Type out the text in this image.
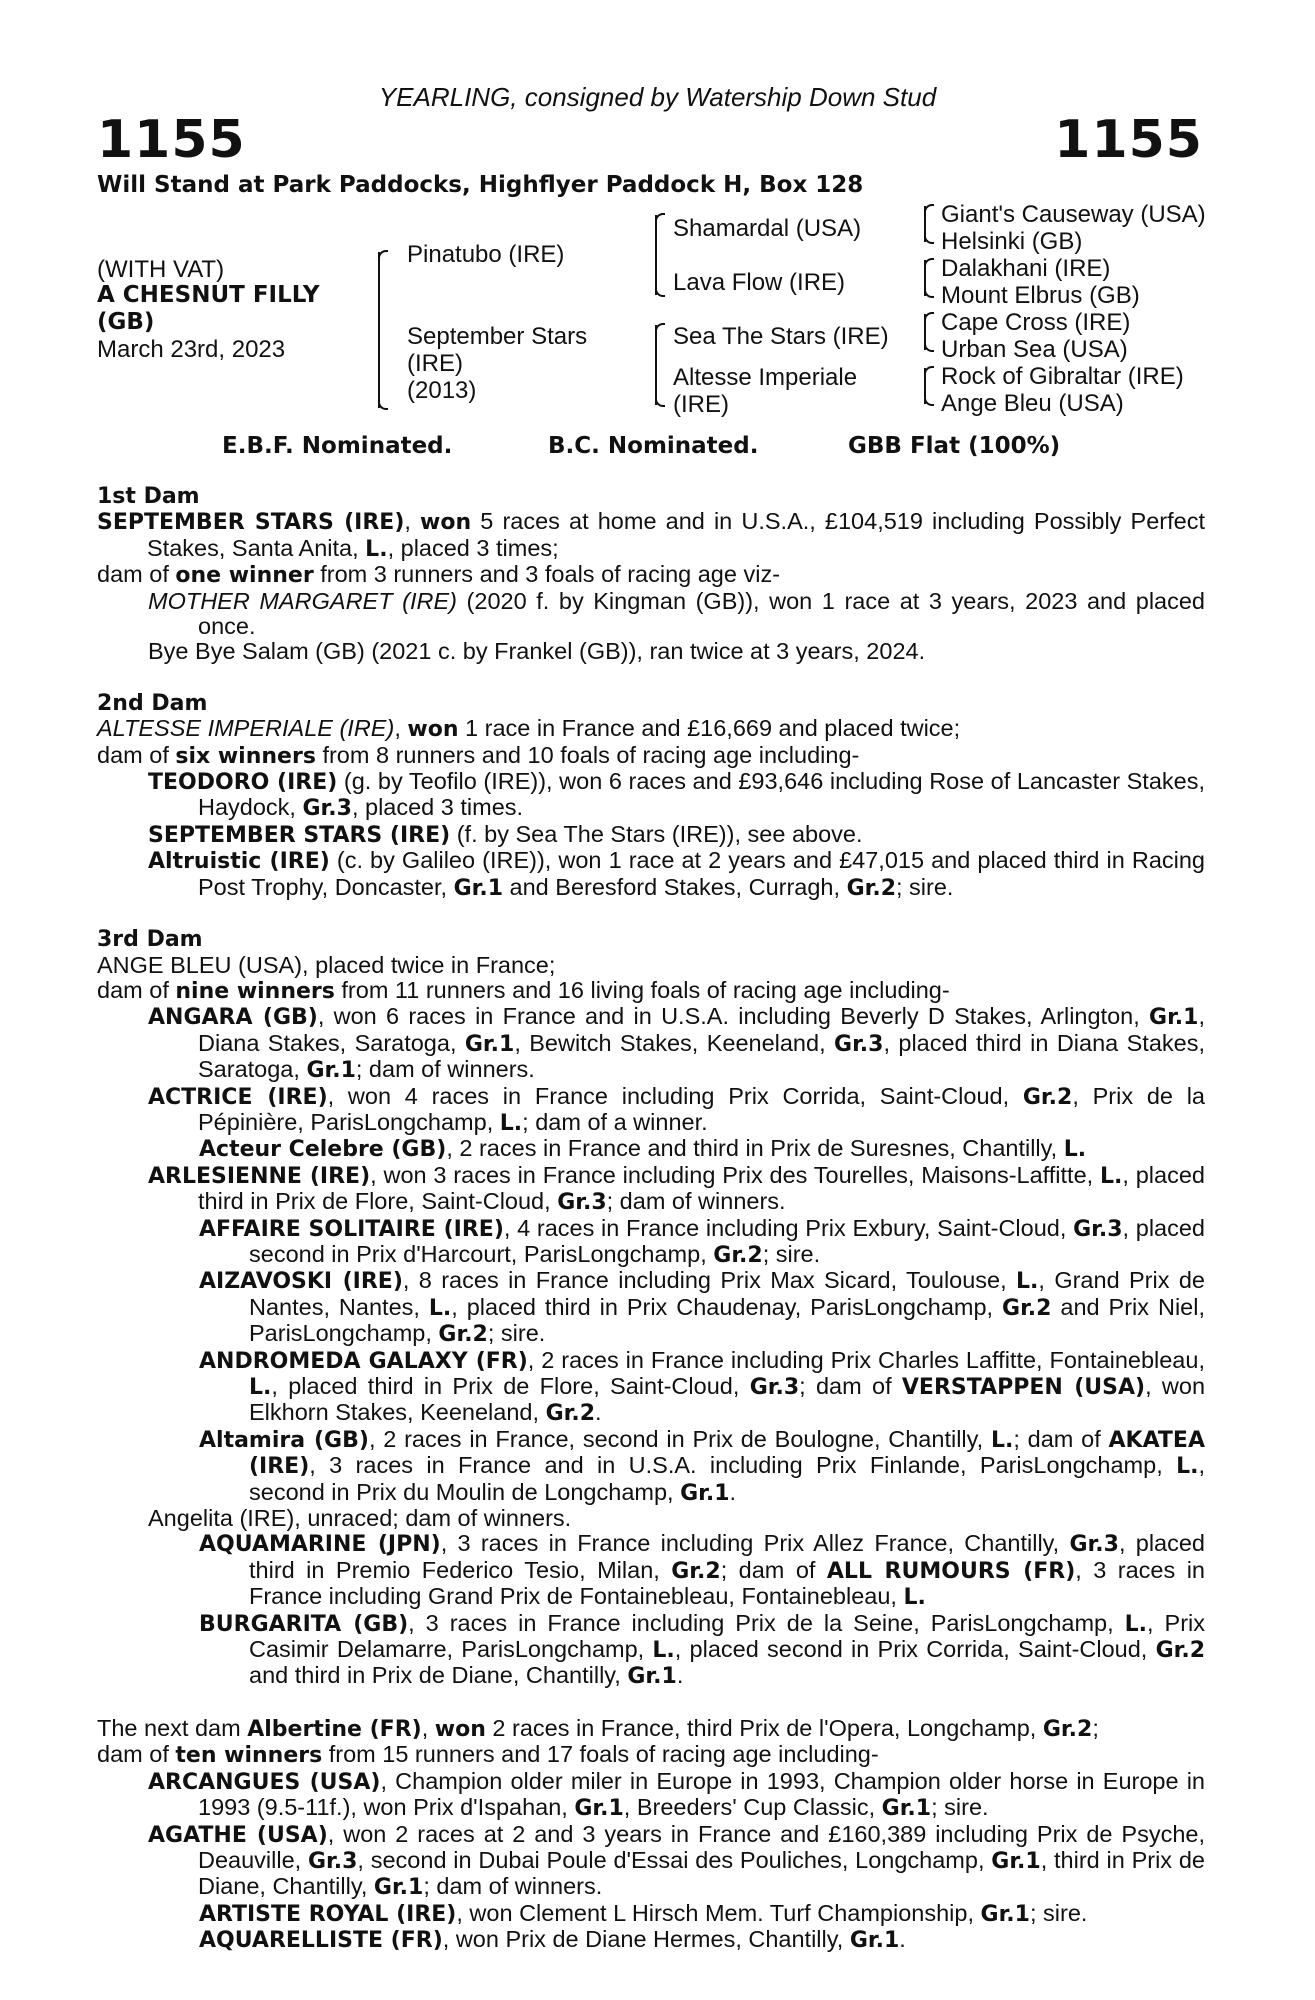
YEARLING, consigned by Watership Down Stud
1155	1155
Will Stand at Park Paddocks, Highflyer Paddock H, Box 128
(WITH VAT)
A CHESNUT FILLY
(GB)
March 23rd, 2023
Pinatubo (IRE)
September Stars
(IRE)
(2013)
Shamardal (USA)
Lava Flow (IRE)
Sea The Stars (IRE)
Altesse Imperiale
(IRE)
Giant's Causeway (USA)
Helsinki (GB)
Dalakhani (IRE)
Mount Elbrus (GB)
Cape Cross (IRE)
Urban Sea (USA)
Rock of Gibraltar (IRE)
Ange Bleu (USA)
E.B.F. Nominated.	B.C. Nominated.	GBB Flat (100%)
1st Dam

SEPTEMBER STARS (IRE), won 5 races at home and in U.S.A., £104,519 including Possibly Perfect Stakes, Santa Anita, L., placed 3 times;

dam of one winner from 3 runners and 3 foals of racing age viz-

MOTHER MARGARET (IRE) (2020 f. by Kingman (GB)), won 1 race at 3 years, 2023 and placed once.

Bye Bye Salam (GB) (2021 c. by Frankel (GB)), ran twice at 3 years, 2024.

2nd Dam

ALTESSE IMPERIALE (IRE), won 1 race in France and £16,669 and placed twice;

dam of six winners from 8 runners and 10 foals of racing age including-

TEODORO (IRE) (g. by Teofilo (IRE)), won 6 races and £93,646 including Rose of Lancaster Stakes, Haydock, Gr.3, placed 3 times.

SEPTEMBER STARS (IRE) (f. by Sea The Stars (IRE)), see above.

Altruistic (IRE) (c. by Galileo (IRE)), won 1 race at 2 years and £47,015 and placed third in Racing Post Trophy, Doncaster, Gr.1 and Beresford Stakes, Curragh, Gr.2; sire.

3rd Dam

ANGE BLEU (USA), placed twice in France;

dam of nine winners from 11 runners and 16 living foals of racing age including-

ANGARA (GB), won 6 races in France and in U.S.A. including Beverly D Stakes, Arlington, Gr.1, Diana Stakes, Saratoga, Gr.1, Bewitch Stakes, Keeneland, Gr.3, placed third in Diana Stakes, Saratoga, Gr.1; dam of winners.

ACTRICE (IRE), won 4 races in France including Prix Corrida, Saint-Cloud, Gr.2, Prix de la Pépinière, ParisLongchamp, L.; dam of a winner.

Acteur Celebre (GB), 2 races in France and third in Prix de Suresnes, Chantilly, L.

ARLESIENNE (IRE), won 3 races in France including Prix des Tourelles, Maisons-Laffitte, L., placed third in Prix de Flore, Saint-Cloud, Gr.3; dam of winners.

AFFAIRE SOLITAIRE (IRE), 4 races in France including Prix Exbury, Saint-Cloud, Gr.3, placed second in Prix d'Harcourt, ParisLongchamp, Gr.2; sire.

AIZAVOSKI (IRE), 8 races in France including Prix Max Sicard, Toulouse, L., Grand Prix de Nantes, Nantes, L., placed third in Prix Chaudenay, ParisLongchamp, Gr.2 and Prix Niel, ParisLongchamp, Gr.2; sire.

ANDROMEDA GALAXY (FR), 2 races in France including Prix Charles Laffitte, Fontainebleau, L., placed third in Prix de Flore, Saint-Cloud, Gr.3; dam of VERSTAPPEN (USA), won Elkhorn Stakes, Keeneland, Gr.2.

Altamira (GB), 2 races in France, second in Prix de Boulogne, Chantilly, L.; dam of AKATEA (IRE), 3 races in France and in U.S.A. including Prix Finlande, ParisLongchamp, L., second in Prix du Moulin de Longchamp, Gr.1.

Angelita (IRE), unraced; dam of winners.

AQUAMARINE (JPN), 3 races in France including Prix Allez France, Chantilly, Gr.3, placed third in Premio Federico Tesio, Milan, Gr.2; dam of ALL RUMOURS (FR), 3 races in France including Grand Prix de Fontainebleau, Fontainebleau, L.

BURGARITA (GB), 3 races in France including Prix de la Seine, ParisLongchamp, L., Prix Casimir Delamarre, ParisLongchamp, L., placed second in Prix Corrida, Saint-Cloud, Gr.2 and third in Prix de Diane, Chantilly, Gr.1.

The next dam Albertine (FR), won 2 races in France, third Prix de l'Opera, Longchamp, Gr.2;

dam of ten winners from 15 runners and 17 foals of racing age including-

ARCANGUES (USA), Champion older miler in Europe in 1993, Champion older horse in Europe in 1993 (9.5-11f.), won Prix d'Ispahan, Gr.1, Breeders' Cup Classic, Gr.1; sire.

AGATHE (USA), won 2 races at 2 and 3 years in France and £160,389 including Prix de Psyche, Deauville, Gr.3, second in Dubai Poule d'Essai des Pouliches, Longchamp, Gr.1, third in Prix de Diane, Chantilly, Gr.1; dam of winners.

ARTISTE ROYAL (IRE), won Clement L Hirsch Mem. Turf Championship, Gr.1; sire.

AQUARELLISTE (FR), won Prix de Diane Hermes, Chantilly, Gr.1.
